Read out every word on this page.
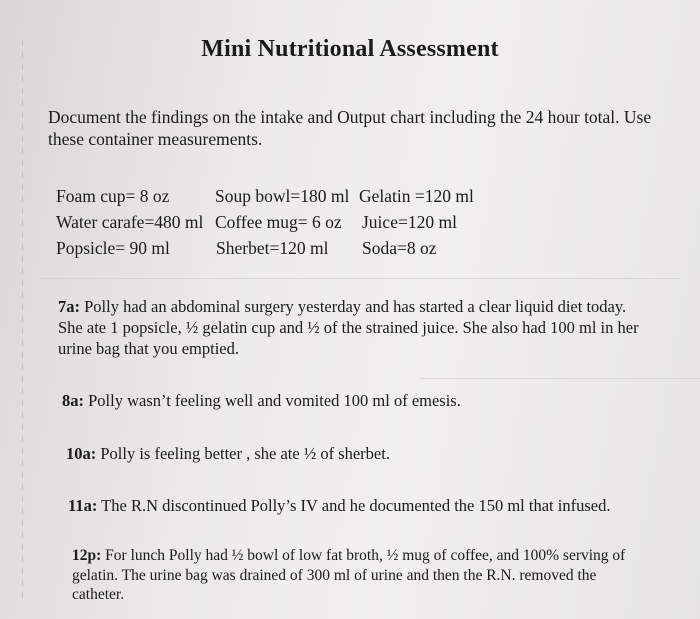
Mini Nutritional Assessment
Document the findings on the intake and Output chart including the 24 hour total. Use
these container measurements.
Foam cup= 8 oz	Soup bowl=180 ml Gelatin =120 ml
Water carafe=480 ml Coffee mug= 6 oz Juice=120 ml
Popsicle= 90 ml	Sherbet=120 ml Soda=8 oz
7a: Polly had an abdominal surgery yesterday and has started a clear liquid diet today.
She ate 1 popsicle, ½ gelatin cup and ½ of the strained juice. She also had 100 ml in her
urine bag that you emptied.
8a: Polly wasn’t feeling well and vomited 100 ml of emesis.
10a: Polly is feeling better , she ate ½ of sherbet.
11a: The R.N discontinued Polly’s IV and he documented the 150 ml that infused.
12p: For lunch Polly had ½ bowl of low fat broth, ½ mug of coffee, and 100% serving of
gelatin. The urine bag was drained of 300 ml of urine and then the R.N. removed the
catheter.
